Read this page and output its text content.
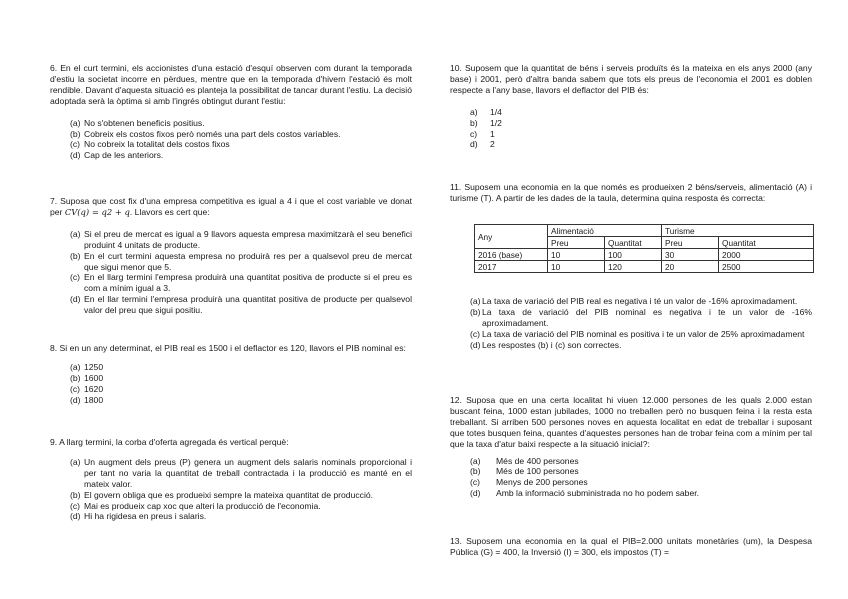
6. En el curt termini, els accionistes d'una estació d'esquí observen com durant la temporada d'estiu la societat incorre en pèrdues, mentre que en la temporada d'hivern l'estació és molt rendible. Davant d'aquesta situació es planteja la possibilitat de tancar durant l'estiu. La decisió adoptada serà la òptima si amb l'ingrés obtingut durant l'estiu:

(a) No s'obtenen beneficis positius.
(b) Cobreix els costos fixos però només una part dels costos variables.
(c) No cobreix la totalitat dels costos fixos
(d) Cap de les anteriors.

7. Suposa que cost fix d'una empresa competitiva es igual a 4 i que el cost variable ve donat per CV(q) = q2 + q. Llavors es cert que:

(a) Si el preu de mercat es igual a 9 llavors aquesta empresa maximitzarà el seu benefici produint 4 unitats de producte.
(b) En el curt termini aquesta empresa no produirà res per a qualsevol preu de mercat que sigui menor que 5.
(c) En el llarg termini l'empresa produirà una quantitat positiva de producte si el preu es com a mínim igual a 3.
(d) En el llar termini l'empresa produirà una quantitat positiva de producte per qualsevol valor del preu que sigui positiu.

8. Si en un any determinat, el PIB real es 1500 i el deflactor es 120, llavors el PIB nominal es:

(a) 1250
(b) 1600
(c) 1620
(d) 1800

9. A llarg termini, la corba d'oferta agregada és vertical perquè:

(a) Un augment dels preus (P) genera un augment dels salaris nominals proporcional i per tant no varia la quantitat de treball contractada i la producció es manté en el mateix valor.
(b) El govern obliga que es produeixi sempre la mateixa quantitat de producció.
(c) Mai es produeix cap xoc que alteri la producció de l'economia.
(d) Hi ha rigidesa en preus i salaris.

10. Suposem que la quantitat de béns i serveis produïts és la mateixa en els anys 2000 (any base) i 2001, però d'altra banda sabem que tots els preus de l'economia el 2001 es doblen respecte a l'any base, llavors el deflactor del PIB és:

a) 1/4
b) 1/2
c) 1
d) 2

11. Suposem una economia en la que només es produeixen 2 béns/serveis, alimentació (A) i turisme (T). A partir de les dades de la taula, determina quina resposta és correcta:

Any	Alimentació		Turisme	
	Preu	Quantitat	Preu	Quantitat
2016 (base)	10	100	30	2000
2017	10	120	20	2500
(a) La taxa de variació del PIB real es negativa i té un valor de -16% aproximadament.
(b) La taxa de variació del PIB nominal es negativa i te un valor de -16% aproximadament.
(c) La taxa de variació del PIB nominal es positiva i te un valor de 25% aproximadament
(d) Les respostes (b) i (c) son correctes.

12. Suposa que en una certa localitat hi viuen 12.000 persones de les quals 2.000 estan buscant feina, 1000 estan jubilades, 1000 no treballen però no busquen feina i la resta esta treballant. Si arriben 500 persones noves en aquesta localitat en edat de treballar i suposant que totes busquen feina, quantes d'aquestes persones han de trobar feina com a mínim per tal que la taxa d'atur baixi respecte a la situació inicial?:

(a) Més de 400 persones
(b) Més de 100 persones
(c) Menys de 200 persones
(d) Amb la informació subministrada no ho podem saber.

13. Suposem una economia en la qual el PIB=2.000 unitats monetàries (um), la Despesa Pública (G) = 400, la Inversió (I) = 300, els impostos (T) =
